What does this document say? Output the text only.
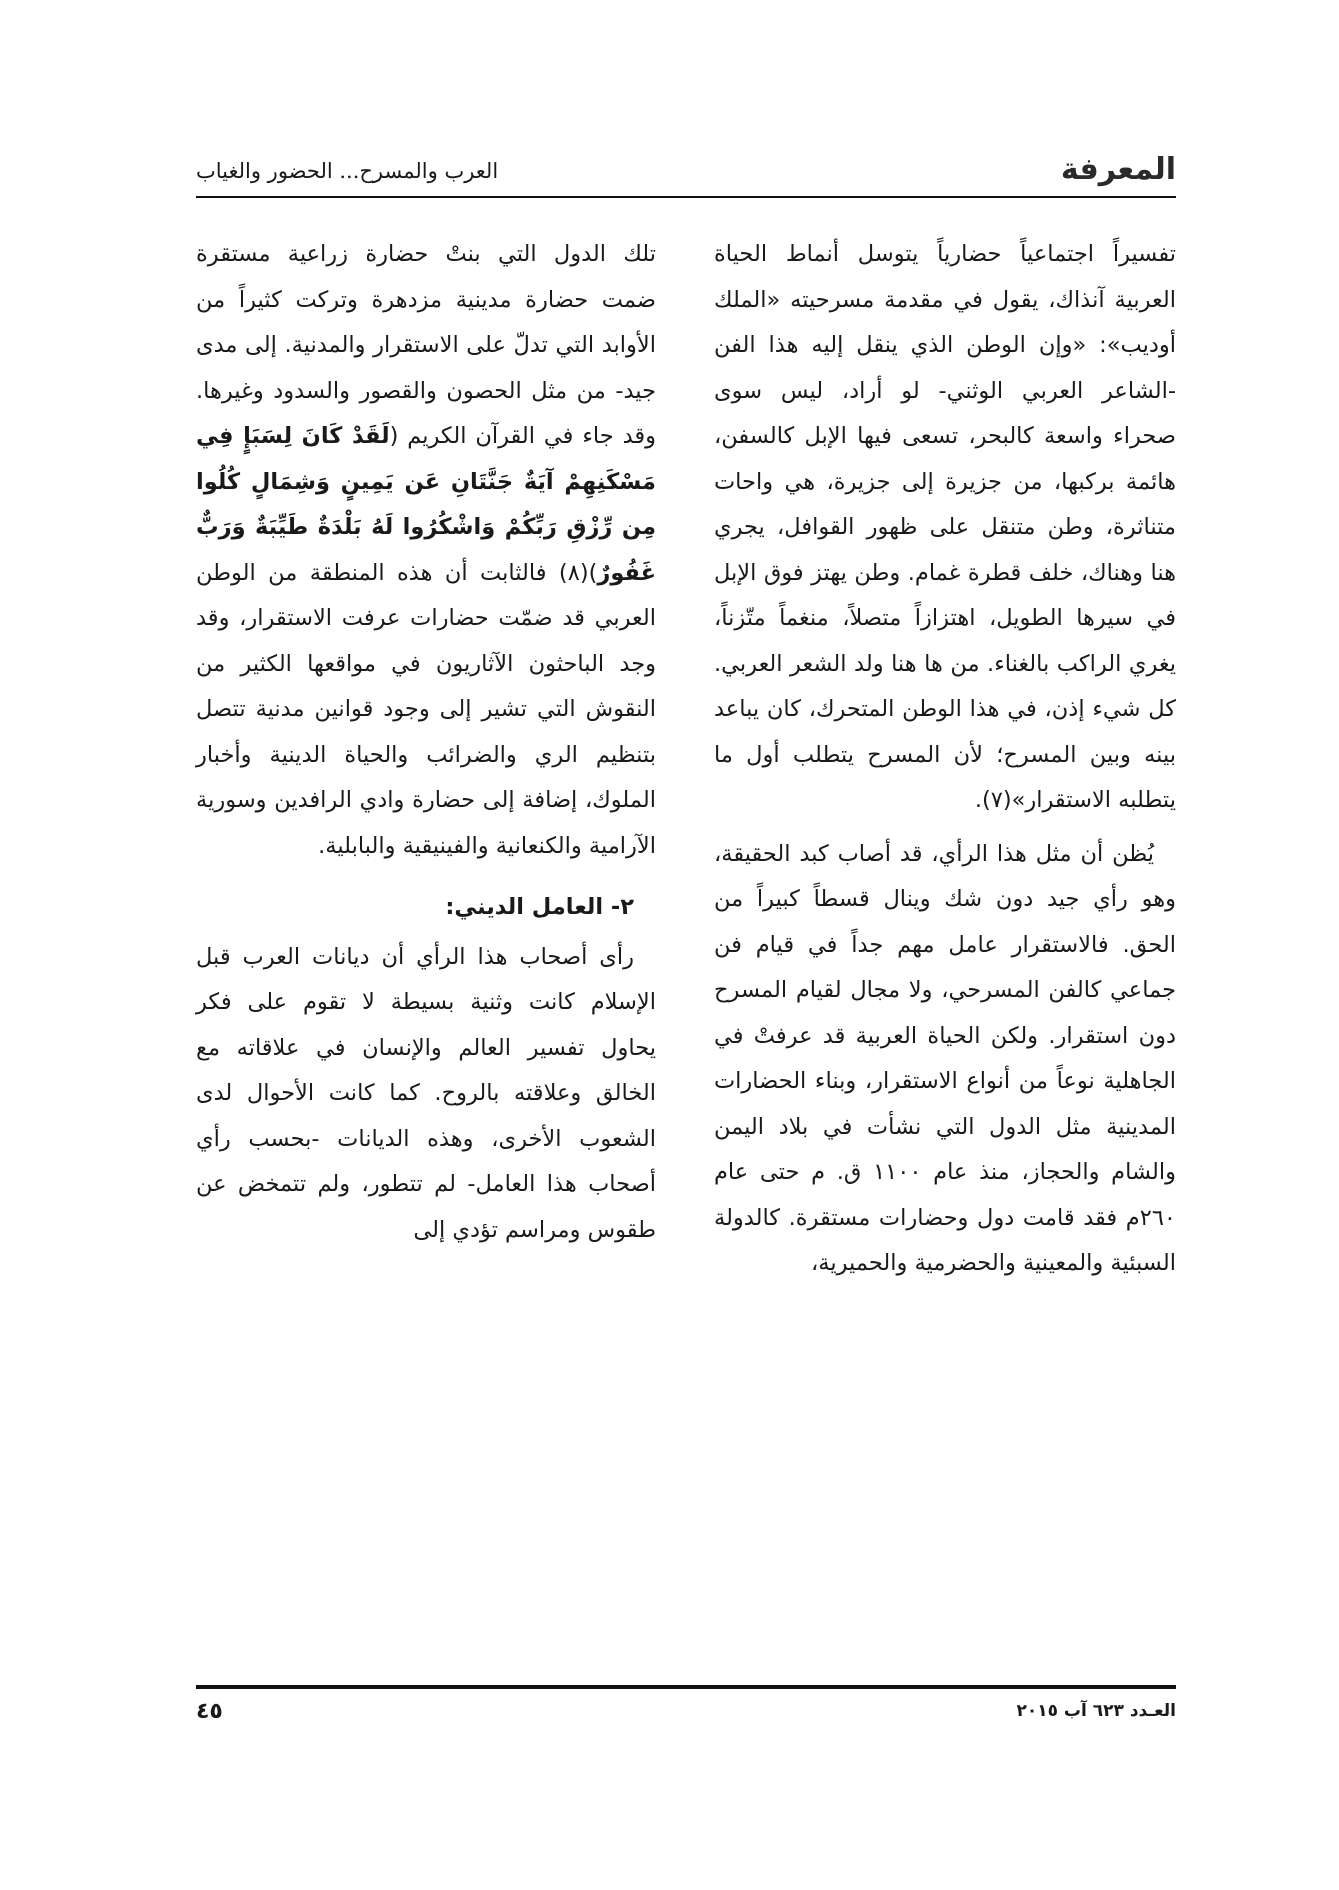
المعرفة
العرب والمسرح... الحضور والغياب

تفسيراً اجتماعياً حضارياً يتوسل أنماط الحياة العربية آنذاك، يقول في مقدمة مسرحيته «الملك أوديب»: «وإن الوطن الذي ينقل إليه هذا الفن -الشاعر العربي الوثني- لو أراد، ليس سوى صحراء واسعة كالبحر، تسعى فيها الإبل كالسفن، هائمة بركبها، من جزيرة إلى جزيرة، هي واحات متناثرة، وطن متنقل على ظهور القوافل، يجري هنا وهناك، خلف قطرة غمام. وطن يهتز فوق الإبل في سيرها الطويل، اهتزازاً متصلاً، منغماً متّزناً، يغري الراكب بالغناء. من ها هنا ولد الشعر العربي. كل شيء إذن، في هذا الوطن المتحرك، كان يباعد بينه وبين المسرح؛ لأن المسرح يتطلب أول ما يتطلبه الاستقرار»(٧).

يُظن أن مثل هذا الرأي، قد أصاب كبد الحقيقة، وهو رأي جيد دون شك وينال قسطاً كبيراً من الحق. فالاستقرار عامل مهم جداً في قيام فن جماعي كالفن المسرحي، ولا مجال لقيام المسرح دون استقرار. ولكن الحياة العربية قد عرفتْ في الجاهلية نوعاً من أنواع الاستقرار، وبناء الحضارات المدينية مثل الدول التي نشأت في بلاد اليمن والشام والحجاز، منذ عام ١١٠٠ ق. م حتى عام ٢٦٠م فقد قامت دول وحضارات مستقرة. كالدولة السبئية والمعينية والحضرمية والحميرية،

تلك الدول التي بنتْ حضارة زراعية مستقرة ضمت حضارة مدينية مزدهرة وتركت كثيراً من الأوابد التي تدلّ على الاستقرار والمدنية. إلى مدى جيد- من مثل الحصون والقصور والسدود وغيرها. وقد جاء في القرآن الكريم (لَقَدْ كَانَ لِسَبَإٍ فِي مَسْكَنِهِمْ آيَةٌ جَنَّتَانِ عَن يَمِينٍ وَشِمَالٍ كُلُوا مِن رِّزْقِ رَبِّكُمْ وَاشْكُرُوا لَهُ بَلْدَةٌ طَيِّبَةٌ وَرَبٌّ غَفُورٌ)(٨) فالثابت أن هذه المنطقة من الوطن العربي قد ضمّت حضارات عرفت الاستقرار، وقد وجد الباحثون الآثاريون في مواقعها الكثير من النقوش التي تشير إلى وجود قوانين مدنية تتصل بتنظيم الري والضرائب والحياة الدينية وأخبار الملوك، إضافة إلى حضارة وادي الرافدين وسورية الآرامية والكنعانية والفينيقية والبابلية.

٢- العامل الديني:

رأى أصحاب هذا الرأي أن ديانات العرب قبل الإسلام كانت وثنية بسيطة لا تقوم على فكر يحاول تفسير العالم والإنسان في علاقاته مع الخالق وعلاقته بالروح. كما كانت الأحوال لدى الشعوب الأخرى، وهذه الديانات -بحسب رأي أصحاب هذا العامل- لم تتطور، ولم تتمخض عن طقوس ومراسم تؤدي إلى

العـدد ٦٢٣ آب ٢٠١٥
٤٥
